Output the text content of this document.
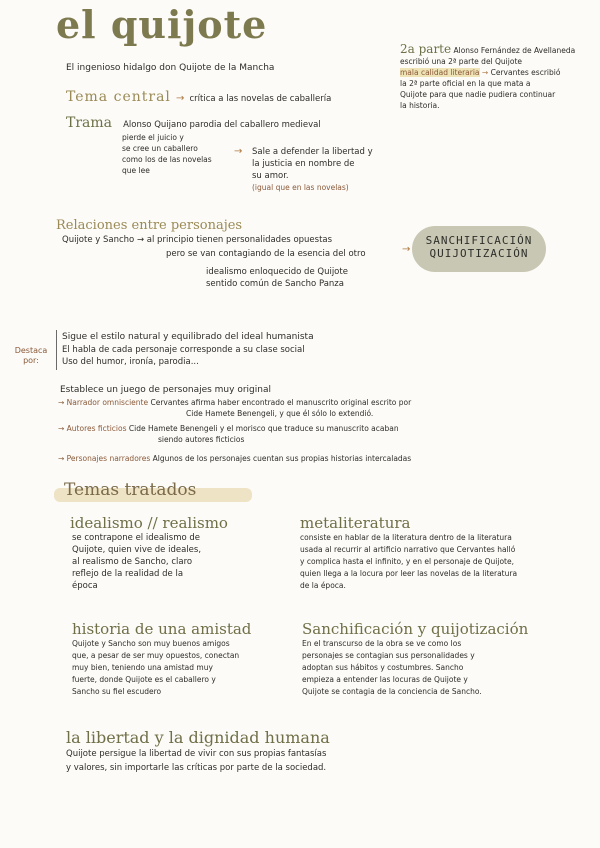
el quijote
El ingenioso hidalgo don Quijote de la Mancha
2a parte Alonso Fernández de Avellaneda
escribió una 2ª parte del Quijote
mala calidad literaria → Cervantes escribió
la 2ª parte oficial en la que mata a
Quijote para que nadie pudiera continuar
la historia.
Tema central → crítica a las novelas de caballería
Trama Alonso Quijano parodia del caballero medieval
pierde el juicio y
se cree un caballero
como los de las novelas
que lee
→ Sale a defender la libertad y
la justicia en nombre de
su amor.
(igual que en las novelas)
Relaciones entre personajes
Quijote y Sancho → al principio tienen personalidades opuestas
pero se van contagiando de la esencia del otro
idealismo enloquecido de Quijote
sentido común de Sancho Panza
→
SANCHIFICACIÓN
QUIJOTIZACIÓN
Destaca por:
Sigue el estilo natural y equilibrado del ideal humanista
El habla de cada personaje corresponde a su clase social
Uso del humor, ironía, parodia...
Establece un juego de personajes muy original
→ Narrador omnisciente Cervantes afirma haber encontrado el manuscrito original escrito por
Cide Hamete Benengeli, y que él sólo lo extendió.
→ Autores ficticios Cide Hamete Benengeli y el morisco que traduce su manuscrito acaban
siendo autores ficticios
→ Personajes narradores Algunos de los personajes cuentan sus propias historias intercaladas
Temas tratados
idealismo // realismo
se contrapone el idealismo de
Quijote, quien vive de ideales,
al realismo de Sancho, claro
reflejo de la realidad de la
época
metaliteratura
consiste en hablar de la literatura dentro de la literatura
usada al recurrir al artificio narrativo que Cervantes halló
y complica hasta el infinito, y en el personaje de Quijote,
quien llega a la locura por leer las novelas de la literatura
de la época.
historia de una amistad
Quijote y Sancho son muy buenos amigos
que, a pesar de ser muy opuestos, conectan
muy bien, teniendo una amistad muy
fuerte, donde Quijote es el caballero y
Sancho su fiel escudero
Sanchificación y quijotización
En el transcurso de la obra se ve como los
personajes se contagian sus personalidades y
adoptan sus hábitos y costumbres. Sancho
empieza a entender las locuras de Quijote y
Quijote se contagia de la conciencia de Sancho.
la libertad y la dignidad humana
Quijote persigue la libertad de vivir con sus propias fantasías
y valores, sin importarle las críticas por parte de la sociedad.
